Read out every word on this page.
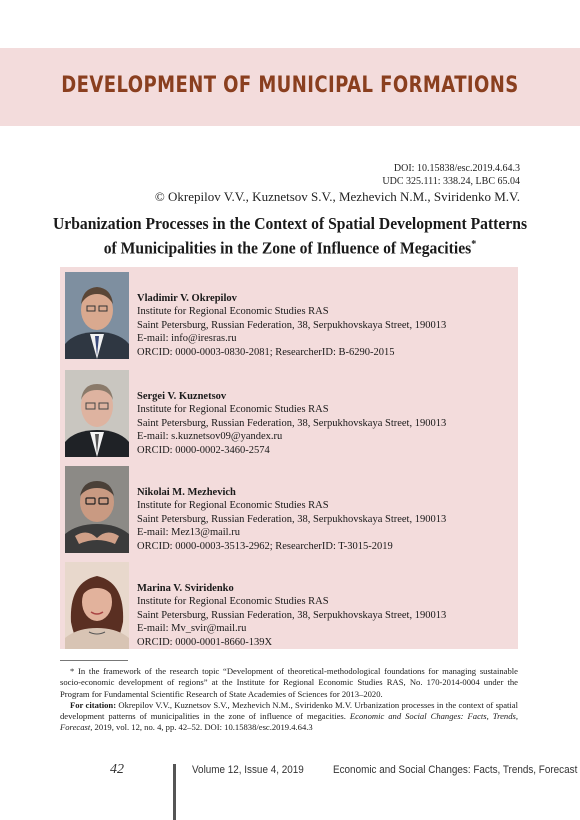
DEVELOPMENT OF MUNICIPAL FORMATIONS
DOI: 10.15838/esc.2019.4.64.3
UDC 325.111: 338.24, LBC 65.04
© Okrepilov V.V., Kuznetsov S.V., Mezhevich N.M., Sviridenko M.V.
Urbanization Processes in the Context of Spatial Development Patterns
of Municipalities in the Zone of Influence of Megacities*
Vladimir V. Okrepilov
Institute for Regional Economic Studies RAS
Saint Petersburg, Russian Federation, 38, Serpukhovskaya Street, 190013
E-mail: info@iresras.ru
ORCID: 0000-0003-0830-2081; ResearcherID: B-6290-2015
Sergei V. Kuznetsov
Institute for Regional Economic Studies RAS
Saint Petersburg, Russian Federation, 38, Serpukhovskaya Street, 190013
E-mail: s.kuznetsov09@yandex.ru
ORCID: 0000-0002-3460-2574
Nikolai M. Mezhevich
Institute for Regional Economic Studies RAS
Saint Petersburg, Russian Federation, 38, Serpukhovskaya Street, 190013
E-mail: Mez13@mail.ru
ORCID: 0000-0003-3513-2962; ResearcherID: T-3015-2019
Marina V. Sviridenko
Institute for Regional Economic Studies RAS
Saint Petersburg, Russian Federation, 38, Serpukhovskaya Street, 190013
E-mail: Mv_svir@mail.ru
ORCID: 0000-0001-8660-139X

* In the framework of the research topic “Development of theoretical-methodological foundations for managing sustainable socio-economic development of regions” at the Institute for Regional Economic Studies RAS, No. 170-2014-0004 under the Program for Fundamental Scientific Research of State Academies of Sciences for 2013–2020.

For citation: Okrepilov V.V., Kuznetsov S.V., Mezhevich N.M., Sviridenko M.V. Urbanization processes in the context of spatial development patterns of municipalities in the zone of influence of megacities. Economic and Social Changes: Facts, Trends, Forecast, 2019, vol. 12, no. 4, pp. 42–52. DOI: 10.15838/esc.2019.4.64.3

42	Volume 12, Issue 4, 2019	Economic and Social Changes: Facts, Trends, Forecast
